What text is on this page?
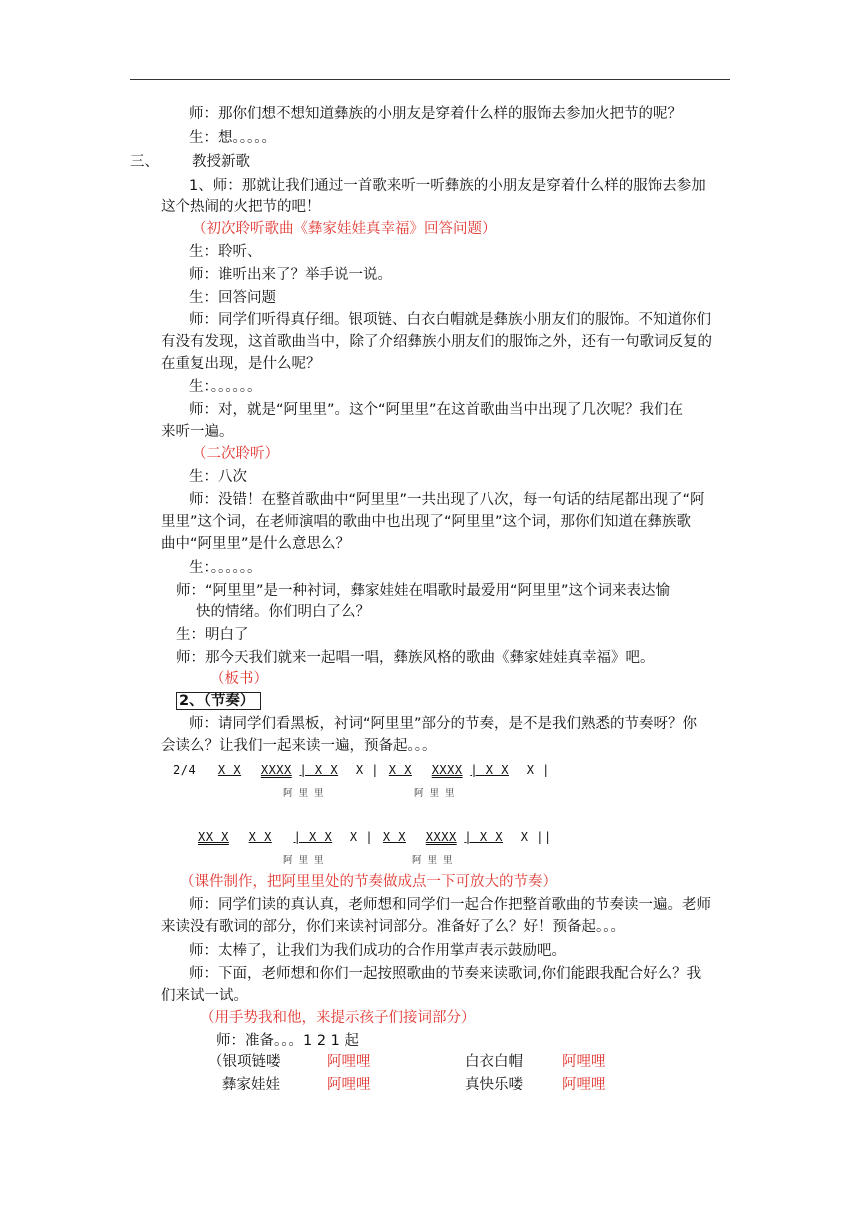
师：那你们想不想知道彝族的小朋友是穿着什么样的服饰去参加火把节的呢？
生：想。。。。。
三、 教授新歌
1、师：那就让我们通过一首歌来听一听彝族的小朋友是穿着什么样的服饰去参加
这个热闹的火把节的吧！
（初次聆听歌曲《彝家娃娃真幸福》回答问题）
生：聆听、
师：谁听出来了？举手说一说。
生：回答问题
师：同学们听得真仔细。银项链、白衣白帽就是彝族小朋友们的服饰。不知道你们
有没有发现，这首歌曲当中，除了介绍彝族小朋友们的服饰之外，还有一句歌词反复的
在重复出现，是什么呢？
生：。。。。。。
师：对，就是“阿里里”。这个“阿里里”在这首歌曲当中出现了几次呢？我们在
来听一遍。
（二次聆听）
生：八次
师：没错！在整首歌曲中“阿里里”一共出现了八次，每一句话的结尾都出现了“阿
里里”这个词，在老师演唱的歌曲中也出现了“阿里里”这个词，那你们知道在彝族歌
曲中“阿里里”是什么意思么？
生：。。。。。。
师：“阿里里”是一种衬词，彝家娃娃在唱歌时最爱用“阿里里”这个词来表达愉
快的情绪。你们明白了么？
生：明白了
师：那今天我们就来一起唱一唱，彝族风格的歌曲《彝家娃娃真幸福》吧。
（板书）
2、（节奏）
师：请同学们看黑板，衬词“阿里里”部分的节奏，是不是我们熟悉的节奏呀？你
会读么？让我们一起来读一遍，预备起。。。
2/4 X X XXXX | X X X | X X XXXX | X X X |
阿里里	阿里里
XX X X X | X X X | X X XXXX | X X X ||
阿里里	阿里里
（课件制作，把阿里里处的节奏做成点一下可放大的节奏）
师：同学们读的真认真，老师想和同学们一起合作把整首歌曲的节奏读一遍。老师
来读没有歌词的部分，你们来读衬词部分。准备好了么？好！预备起。。。
师：太棒了，让我们为我们成功的合作用掌声表示鼓励吧。
师：下面，老师想和你们一起按照歌曲的节奏来读歌词,你们能跟我配合好么？我
们来试一试。
（用手势我和他，来提示孩子们接词部分）
师：准备。。。1 2 1 起
（银项链喽	阿哩哩	白衣白帽	阿哩哩
彝家娃娃	阿哩哩	真快乐喽	阿哩哩
